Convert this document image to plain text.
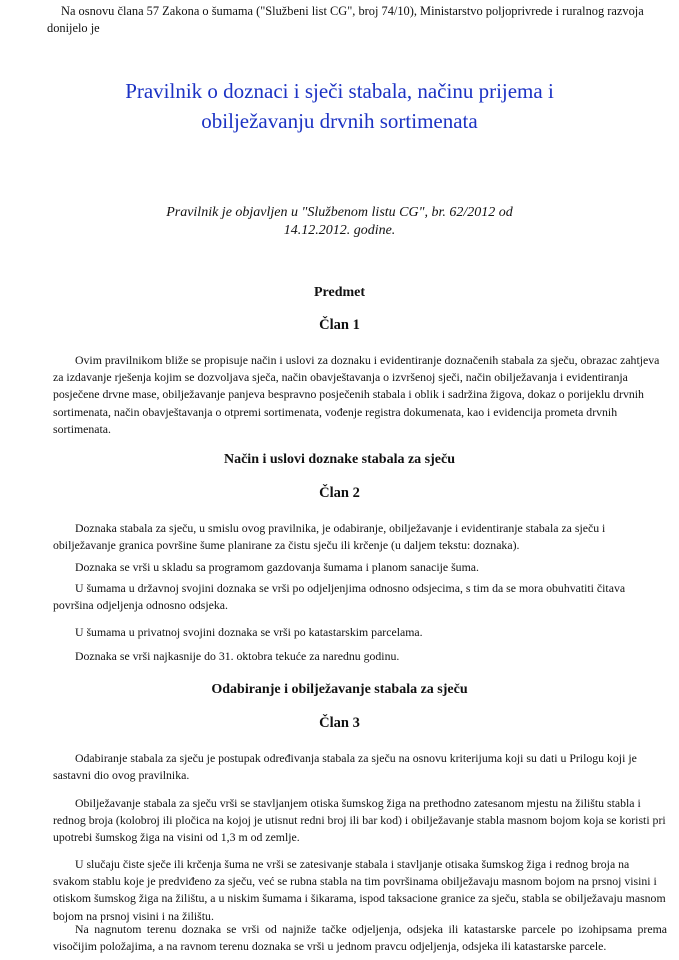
Na osnovu člana 57 Zakona o šumama ("Službeni list CG", broj 74/10), Ministarstvo poljoprivrede i ruralnog razvoja donijelo je

Pravilnik o doznaci i sječi stabala, načinu prijema i
obilježavanju drvnih sortimenata

Pravilnik je objavljen u "Službenom listu CG", br. 62/2012 od
14.12.2012. godine.

Predmet
Član 1

Ovim pravilnikom bliže se propisuje način i uslovi za doznaku i evidentiranje doznačenih stabala za sječu, obrazac zahtjeva za izdavanje rješenja kojim se dozvoljava sječa, način obavještavanja o izvršenoj sječi, način obilježavanja i evidentiranja posječene drvne mase, obilježavanje panjeva bespravno posječenih stabala i oblik i sadržina žigova, dokaz o porijeklu drvnih sortimenata, način obavještavanja o otpremi sortimenata, vođenje registra dokumenata, kao i evidencija prometa drvnih sortimenata.

Način i uslovi doznake stabala za sječu
Član 2

Doznaka stabala za sječu, u smislu ovog pravilnika, je odabiranje, obilježavanje i evidentiranje stabala za sječu i obilježavanje granica površine šume planirane za čistu sječu ili krčenje (u daljem tekstu: doznaka).

Doznaka se vrši u skladu sa programom gazdovanja šumama i planom sanacije šuma.

U šumama u državnoj svojini doznaka se vrši po odjeljenjima odnosno odsjecima, s tim da se mora obuhvatiti čitava površina odjeljenja odnosno odsjeka.

U šumama u privatnoj svojini doznaka se vrši po katastarskim parcelama.

Doznaka se vrši najkasnije do 31. oktobra tekuće za narednu godinu.

Odabiranje i obilježavanje stabala za sječu
Član 3

Odabiranje stabala za sječu je postupak određivanja stabala za sječu na osnovu kriterijuma koji su dati u Prilogu koji je sastavni dio ovog pravilnika.

Obilježavanje stabala za sječu vrši se stavljanjem otiska šumskog žiga na prethodno zatesanom mjestu na žilištu stabla i rednog broja (kolobroj ili pločica na kojoj je utisnut redni broj ili bar kod) i obilježavanje stabla masnom bojom koja se koristi pri upotrebi šumskog žiga na visini od 1,3 m od zemlje.

U slučaju čiste sječe ili krčenja šuma ne vrši se zatesivanje stabala i stavljanje otisaka šumskog žiga i rednog broja na svakom stablu koje je predviđeno za sječu, već se rubna stabla na tim površinama obilježavaju masnom bojom na prsnoj visini i otiskom šumskog žiga na žilištu, a u niskim šumama i šikarama, ispod taksacione granice za sječu, stabla se obilježavaju masnom bojom na prsnoj visini i na žilištu.

Na nagnutom terenu doznaka se vrši od najniže tačke odjeljenja, odsjeka ili katastarske parcele po izohipsama prema visočijim položajima, a na ravnom terenu doznaka se vrši u jednom pravcu odjeljenja, odsjeka ili katastarske parcele.
